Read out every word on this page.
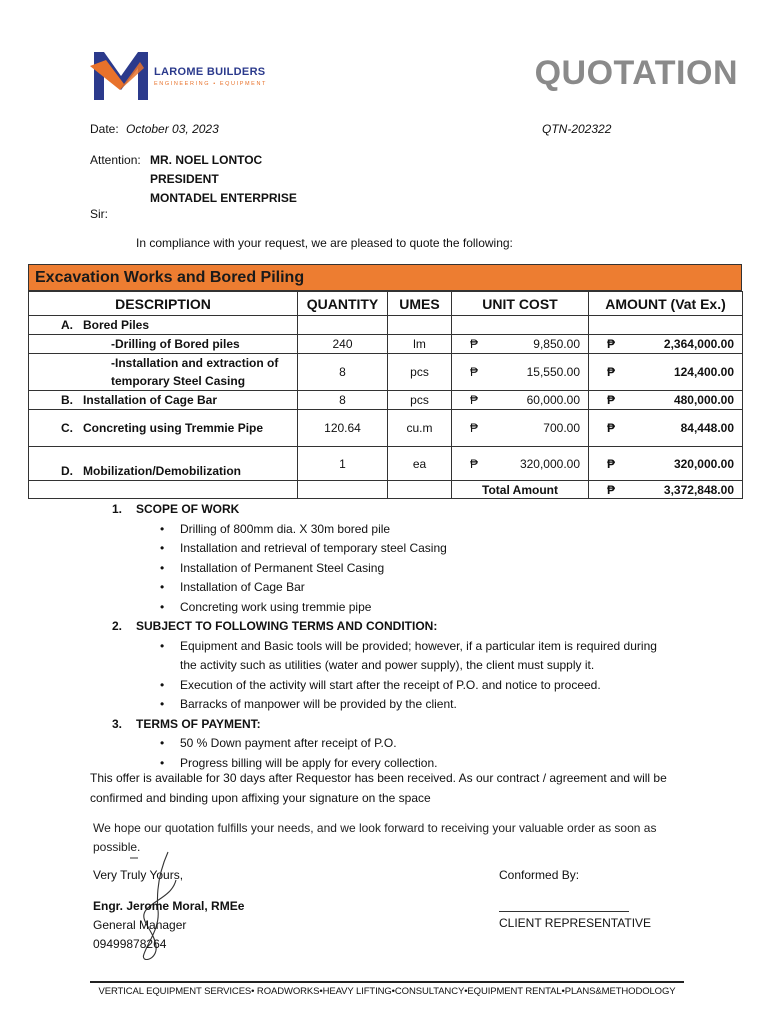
LAROME BUILDERS
ENGINEERING • EQUIPMENT	QUOTATION
Date: October 03, 2023	QTN-202322
Attention: MR. NOEL LONTOC
PRESIDENT
MONTADEL ENTERPRISE
Sir:
In compliance with your request, we are pleased to quote the following:
Excavation Works and Bored Piling
DESCRIPTION	QUANTITY	UMES	UNIT COST	AMOUNT (Vat Ex.)

A. Bored Piles				

-Drilling of Bored piles	240	lm	₱ 9,850.00	₱ 2,364,000.00

-Installation and extraction of temporary Steel Casing	8	pcs	₱ 15,550.00	₱ 124,400.00

B. Installation of Cage Bar	8	pcs	₱ 60,000.00	₱ 480,000.00

C. Concreting using Tremmie Pipe	120.64	cu.m	₱ 700.00	₱ 84,448.00

D. Mobilization/Demobilization	1	ea	₱ 320,000.00	₱ 320,000.00

			Total Amount	₱ 3,372,848.00
1. SCOPE OF WORK
• Drilling of 800mm dia. X 30m bored pile
• Installation and retrieval of temporary steel Casing
• Installation of Permanent Steel Casing
• Installation of Cage Bar
• Concreting work using tremmie pipe
2. SUBJECT TO FOLLOWING TERMS AND CONDITION:
• Equipment and Basic tools will be provided; however, if a particular item is required during the activity such as utilities (water and power supply), the client must supply it.
• Execution of the activity will start after the receipt of P.O. and notice to proceed.
• Barracks of manpower will be provided by the client.
3. TERMS OF PAYMENT:
• 50 % Down payment after receipt of P.O.
• Progress billing will be apply for every collection.
This offer is available for 30 days after Requestor has been received. As our contract / agreement and will be confirmed and binding upon affixing your signature on the space
We hope our quotation fulfills your needs, and we look forward to receiving your valuable order as soon as possible.
Very Truly Yours,	Conformed By:
Engr. Jerome Moral, RMEe
General Manager
09499878264
CLIENT REPRESENTATIVE
VERTICAL EQUIPMENT SERVICES• ROADWORKS•HEAVY LIFTING•CONSULTANCY•EQUIPMENT RENTAL•PLANS&METHODOLOGY
